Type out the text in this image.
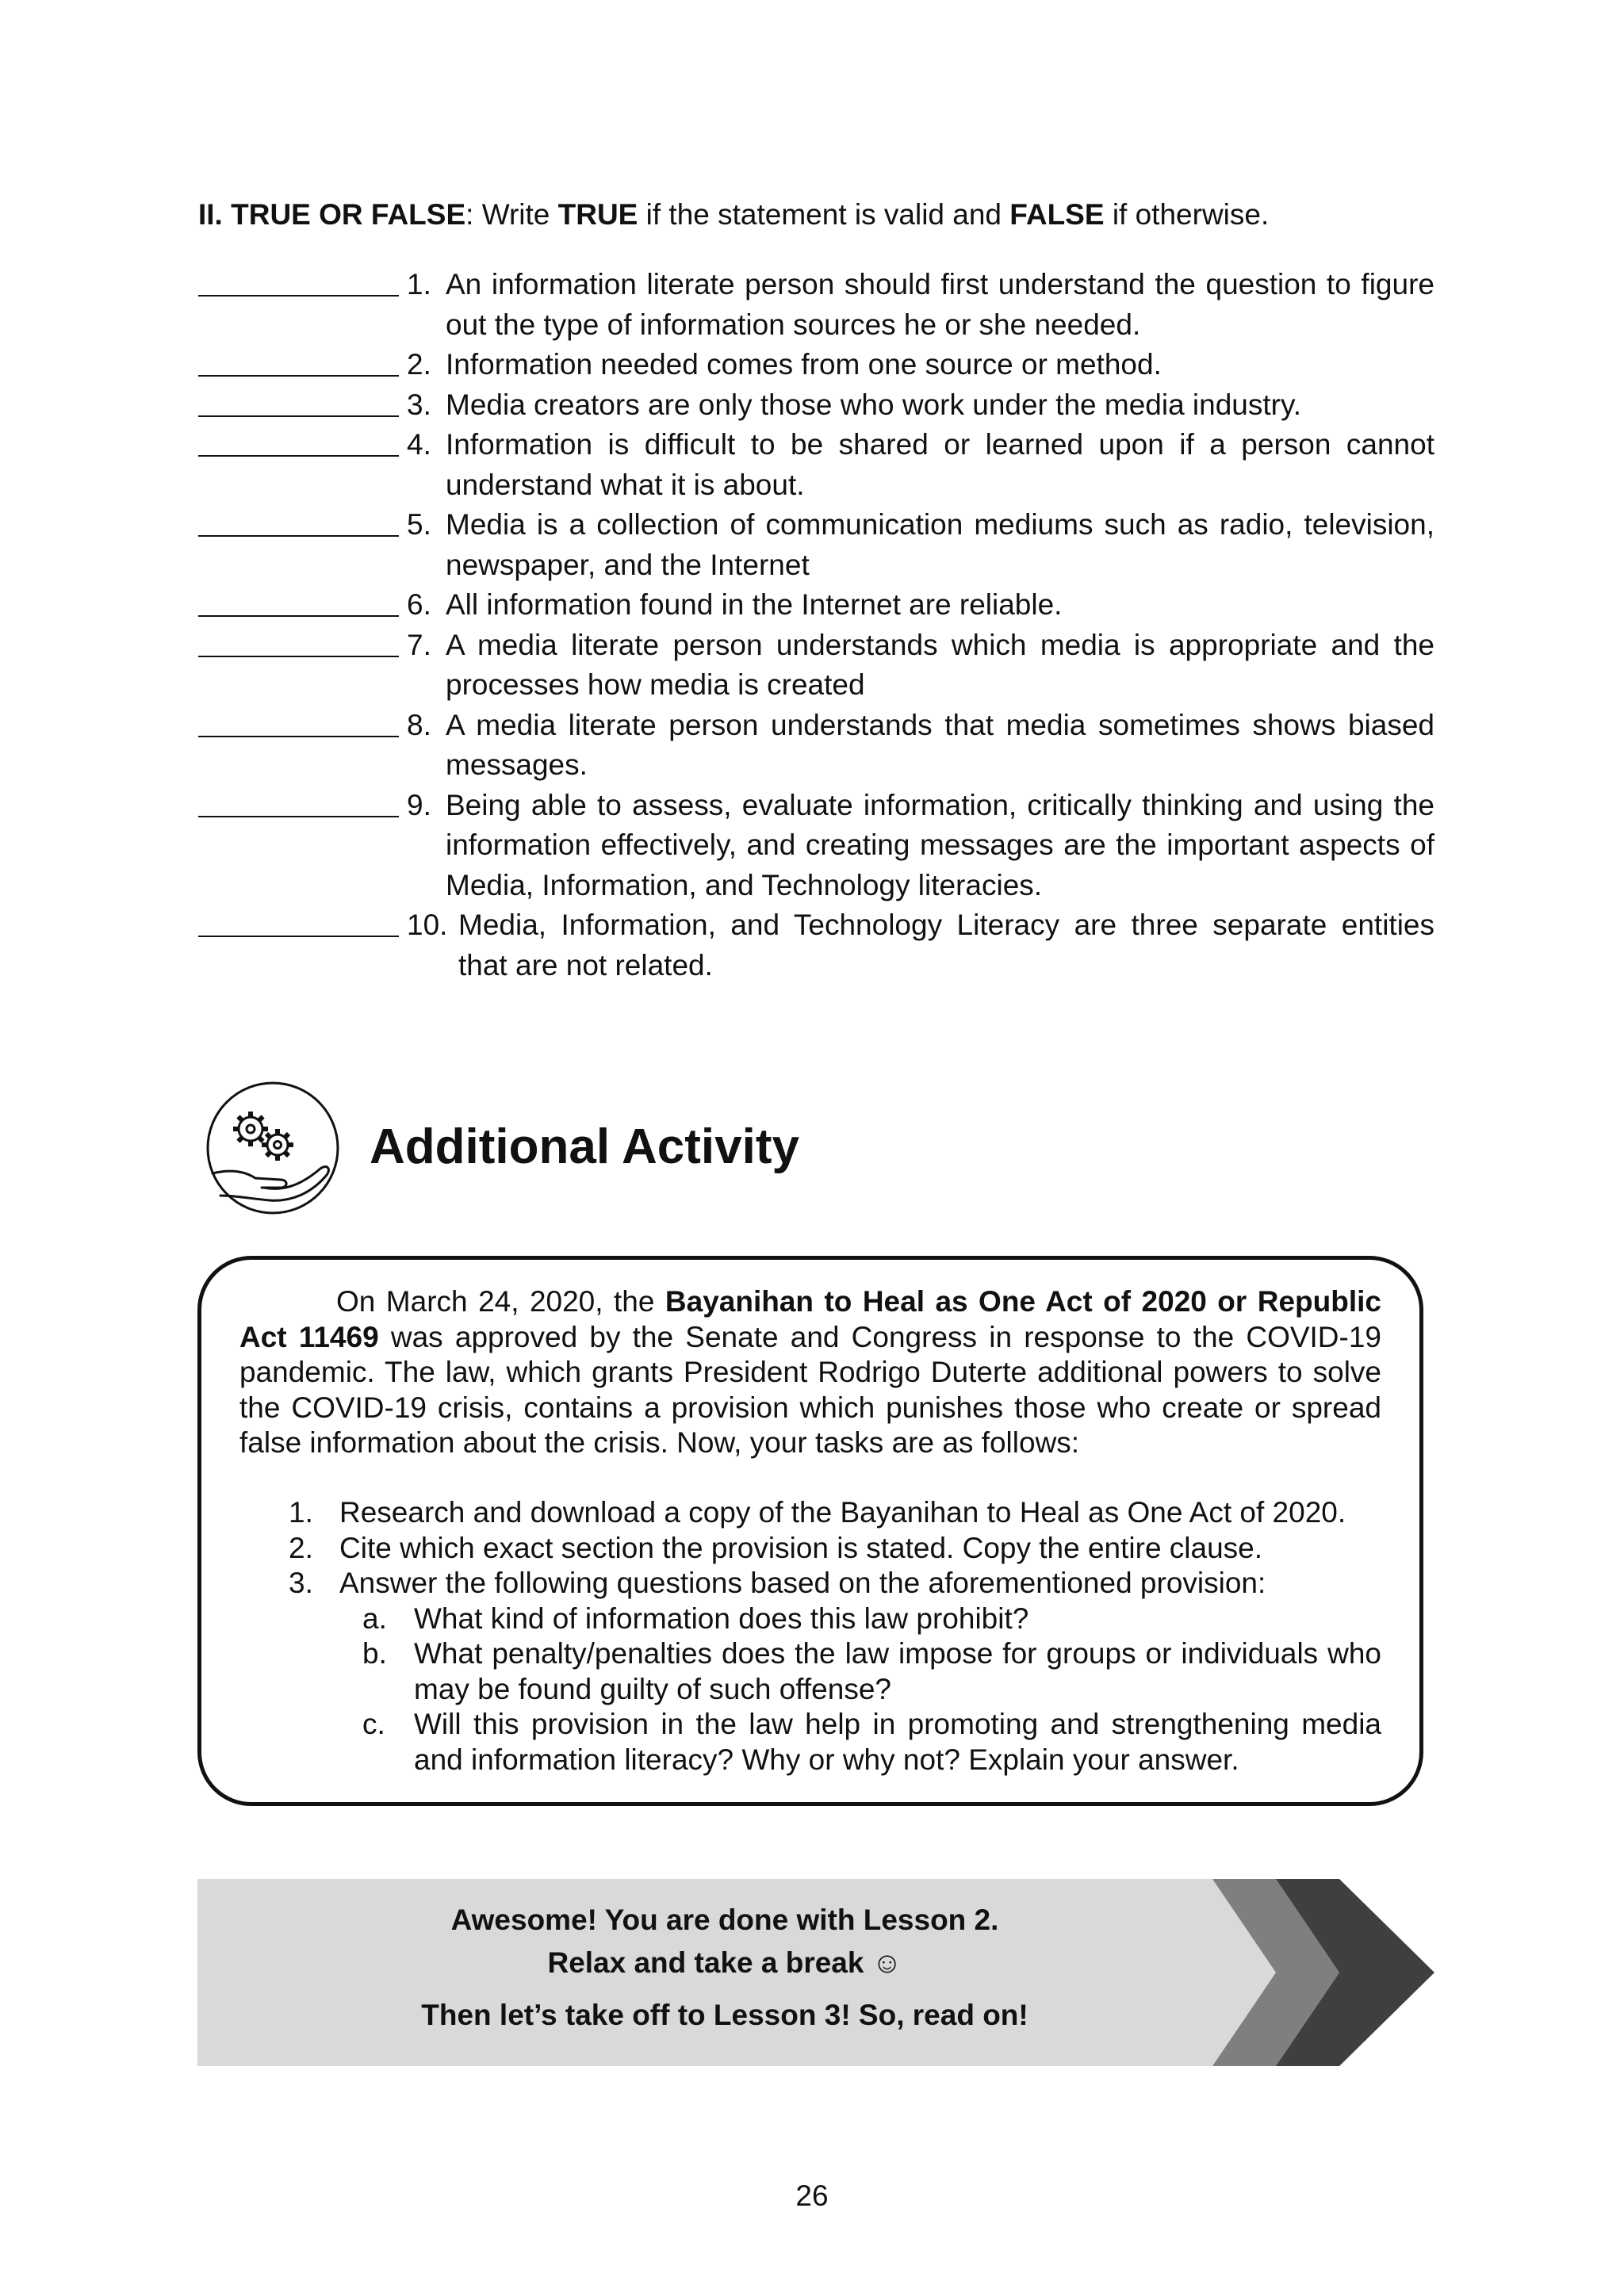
II. TRUE OR FALSE: Write TRUE if the statement is valid and FALSE if otherwise.
1. An information literate person should first understand the question to figure out the type of information sources he or she needed.
2. Information needed comes from one source or method.
3. Media creators are only those who work under the media industry.
4. Information is difficult to be shared or learned upon if a person cannot understand what it is about.
5. Media is a collection of communication mediums such as radio, television, newspaper, and the Internet
6. All information found in the Internet are reliable.
7. A media literate person understands which media is appropriate and the processes how media is created
8. A media literate person understands that media sometimes shows biased messages.
9. Being able to assess, evaluate information, critically thinking and using the information effectively, and creating messages are the important aspects of Media, Information, and Technology literacies.
10. Media, Information, and Technology Literacy are three separate entities that are not related.
Additional Activity
On March 24, 2020, the Bayanihan to Heal as One Act of 2020 or Republic Act 11469 was approved by the Senate and Congress in response to the COVID-19 pandemic. The law, which grants President Rodrigo Duterte additional powers to solve the COVID-19 crisis, contains a provision which punishes those who create or spread false information about the crisis. Now, your tasks are as follows:
1. Research and download a copy of the Bayanihan to Heal as One Act of 2020.
2. Cite which exact section the provision is stated. Copy the entire clause.
3. Answer the following questions based on the aforementioned provision:
a. What kind of information does this law prohibit?
b. What penalty/penalties does the law impose for groups or individuals who may be found guilty of such offense?
c. Will this provision in the law help in promoting and strengthening media and information literacy? Why or why not? Explain your answer.
Awesome! You are done with Lesson 2.
Relax and take a break ☺
Then let’s take off to Lesson 3! So, read on!
26
